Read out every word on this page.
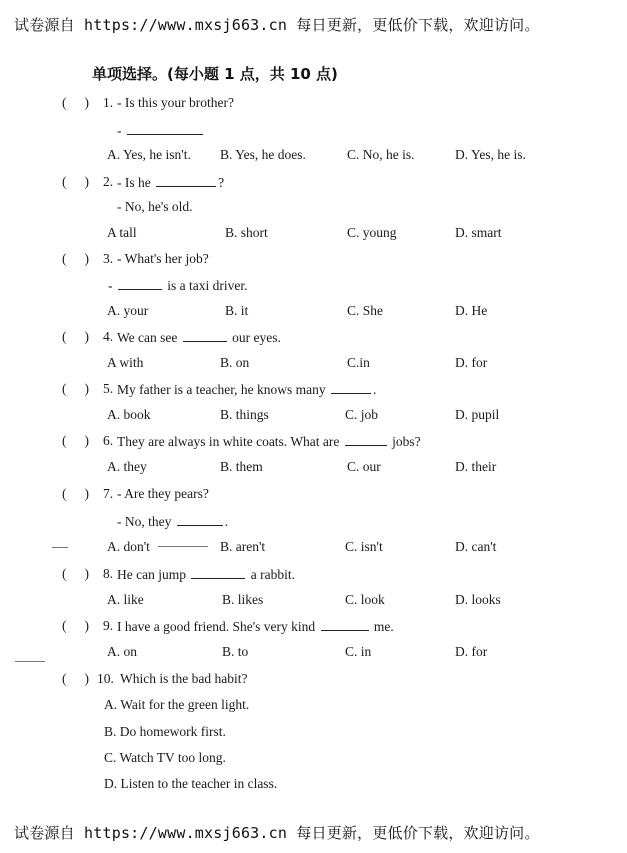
试卷源自 https://www.mxsj663.cn 每日更新，更低价下载，欢迎访问。
单项选择。(每小题 1 点，共 10 点)
( ) 1. - Is this your brother?
-
A. Yes, he isn't. B. Yes, he does.	C. No, he is.	D. Yes, he is.
( ) 2. - Is he	?
- No, he's old.
A tall	B. short	C. young	D. smart
( ) 3. - What's her job?
-	is a taxi driver.
A. your	B. it	C. She	D. He
( ) 4. We can see	our eyes.
A with	B. on	C.in	D. for
( ) 5. My father is a teacher, he knows many	.
A. book	B. things	C. job	D. pupil
( ) 6. They are always in white coats. What are	jobs?
A. they	B. them	C. our	D. their
( ) 7. - Are they pears?
- No, they	.
A. don't	B. aren't	C. isn't	D. can't
( ) 8. He can jump	a rabbit.
A. like	B. likes	C. look	D. looks
( ) 9. I have a good friend. She's very kind	me.
A. on	B. to	C. in	D. for
( ) 10. Which is the bad habit?
A. Wait for the green light.
B. Do homework first.
C. Watch TV too long.
D. Listen to the teacher in class.
试卷源自 https://www.mxsj663.cn 每日更新，更低价下载，欢迎访问。
